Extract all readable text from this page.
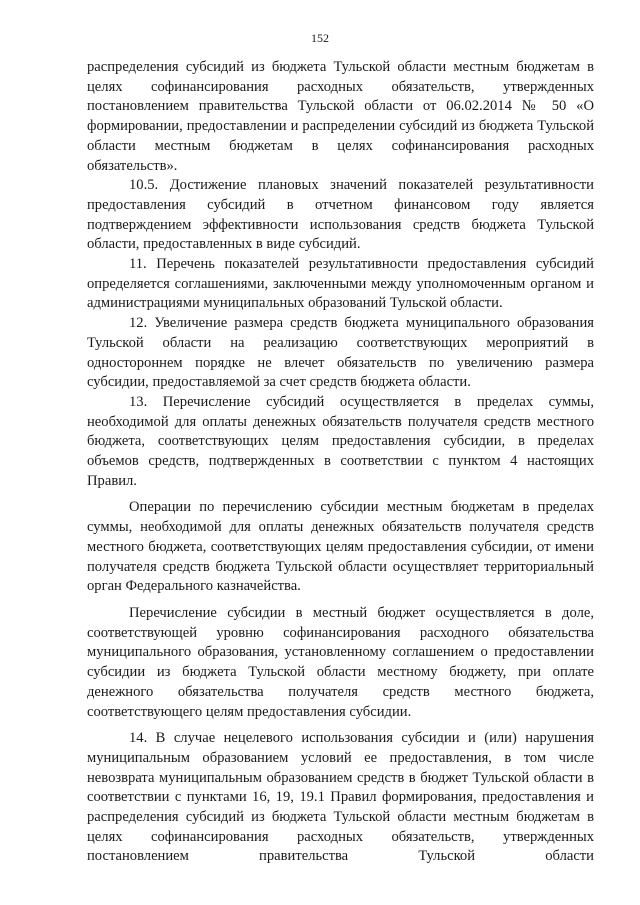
152

распределения субсидий из бюджета Тульской области местным бюджетам в целях софинансирования расходных обязательств, утвержденных постановлением правительства Тульской области от 06.02.2014 № 50 «О формировании, предоставлении и распределении субсидий из бюджета Тульской области местным бюджетам в целях софинансирования расходных обязательств».

10.5. Достижение плановых значений показателей результативности предоставления субсидий в отчетном финансовом году является подтверждением эффективности использования средств бюджета Тульской области, предоставленных в виде субсидий.

11. Перечень показателей результативности предоставления субсидий определяется соглашениями, заключенными между уполномоченным органом и администрациями муниципальных образований Тульской области.

12. Увеличение размера средств бюджета муниципального образования Тульской области на реализацию соответствующих мероприятий в одностороннем порядке не влечет обязательств по увеличению размера субсидии, предоставляемой за счет средств бюджета области.

13. Перечисление субсидий осуществляется в пределах суммы, необходимой для оплаты денежных обязательств получателя средств местного бюджета, соответствующих целям предоставления субсидии, в пределах объемов средств, подтвержденных в соответствии с пунктом 4 настоящих Правил.

Операции по перечислению субсидии местным бюджетам в пределах суммы, необходимой для оплаты денежных обязательств получателя средств местного бюджета, соответствующих целям предоставления субсидии, от имени получателя средств бюджета Тульской области осуществляет территориальный орган Федерального казначейства.

Перечисление субсидии в местный бюджет осуществляется в доле, соответствующей уровню софинансирования расходного обязательства муниципального образования, установленному соглашением о предоставлении субсидии из бюджета Тульской области местному бюджету, при оплате денежного обязательства получателя средств местного бюджета, соответствующего целям предоставления субсидии.

14. В случае нецелевого использования субсидии и (или) нарушения муниципальным образованием условий ее предоставления, в том числе невозврата муниципальным образованием средств в бюджет Тульской области в соответствии с пунктами 16, 19, 19.1 Правил формирования, предоставления и распределения субсидий из бюджета Тульской области местным бюджетам в целях софинансирования расходных обязательств, утвержденных постановлением правительства Тульской области
